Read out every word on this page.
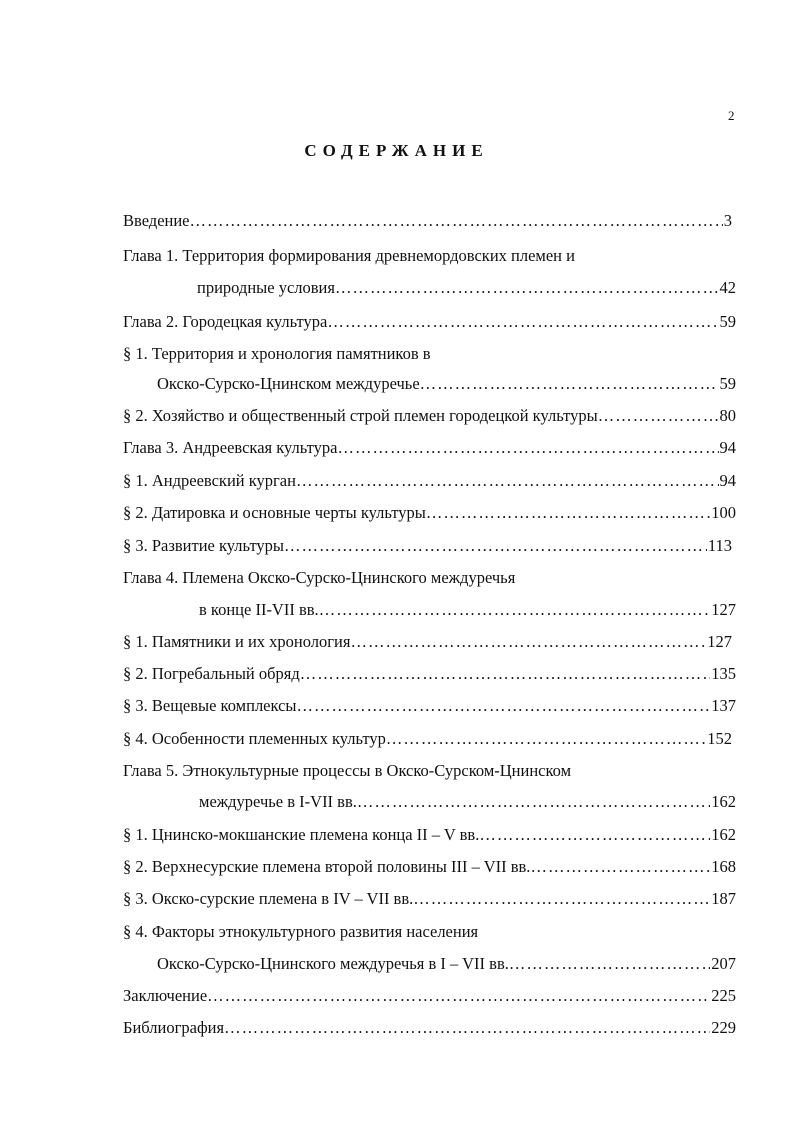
2
СОДЕРЖАНИЕ
Введение …………………………………………………………………………………………………………………………………………………………………………………………	3
Глава 1. Территория формирования древнемордовских племен и
природные условия …………………………………………………………………………………………………………………………………………………………………………………………	42
Глава 2. Городецкая культура …………………………………………………………………………………………………………………………………………………………………………………………	59
§ 1. Территория и хронология памятников в
Окско-Сурско-Цнинском междуречье …………………………………………………………………………………………………………………………………………………………………………………………	59
§ 2. Хозяйство и общественный строй племен городецкой культуры …………………………………………………………………………………………………………………………………………………………………………………………	80
Глава 3. Андреевская культура …………………………………………………………………………………………………………………………………………………………………………………………	94
§ 1. Андреевский курган …………………………………………………………………………………………………………………………………………………………………………………………	94
§ 2. Датировка и основные черты культуры …………………………………………………………………………………………………………………………………………………………………………………………	100
§ 3. Развитие культуры …………………………………………………………………………………………………………………………………………………………………………………………	113
Глава 4. Племена Окско-Сурско-Цнинского междуречья
в конце II-VII вв. …………………………………………………………………………………………………………………………………………………………………………………………	127
§ 1. Памятники и их хронология …………………………………………………………………………………………………………………………………………………………………………………………	127
§ 2. Погребальный обряд …………………………………………………………………………………………………………………………………………………………………………………………	135
§ 3. Вещевые комплексы …………………………………………………………………………………………………………………………………………………………………………………………	137
§ 4. Особенности племенных культур …………………………………………………………………………………………………………………………………………………………………………………………	152
Глава 5. Этнокультурные процессы в Окско-Сурском-Цнинском
междуречье в I-VII вв. …………………………………………………………………………………………………………………………………………………………………………………………	162
§ 1. Цнинско-мокшанские племена конца II – V вв. …………………………………………………………………………………………………………………………………………………………………………………………	162
§ 2. Верхнесурские племена второй половины III – VII вв. …………………………………………………………………………………………………………………………………………………………………………………………	168
§ 3. Окско-сурские племена в IV – VII вв. …………………………………………………………………………………………………………………………………………………………………………………………	187
§ 4. Факторы этнокультурного развития населения
Окско-Сурско-Цнинского междуречья в I – VII вв. …………………………………………………………………………………………………………………………………………………………………………………………	207
Заключение …………………………………………………………………………………………………………………………………………………………………………………………	225
Библиография …………………………………………………………………………………………………………………………………………………………………………………………	229
